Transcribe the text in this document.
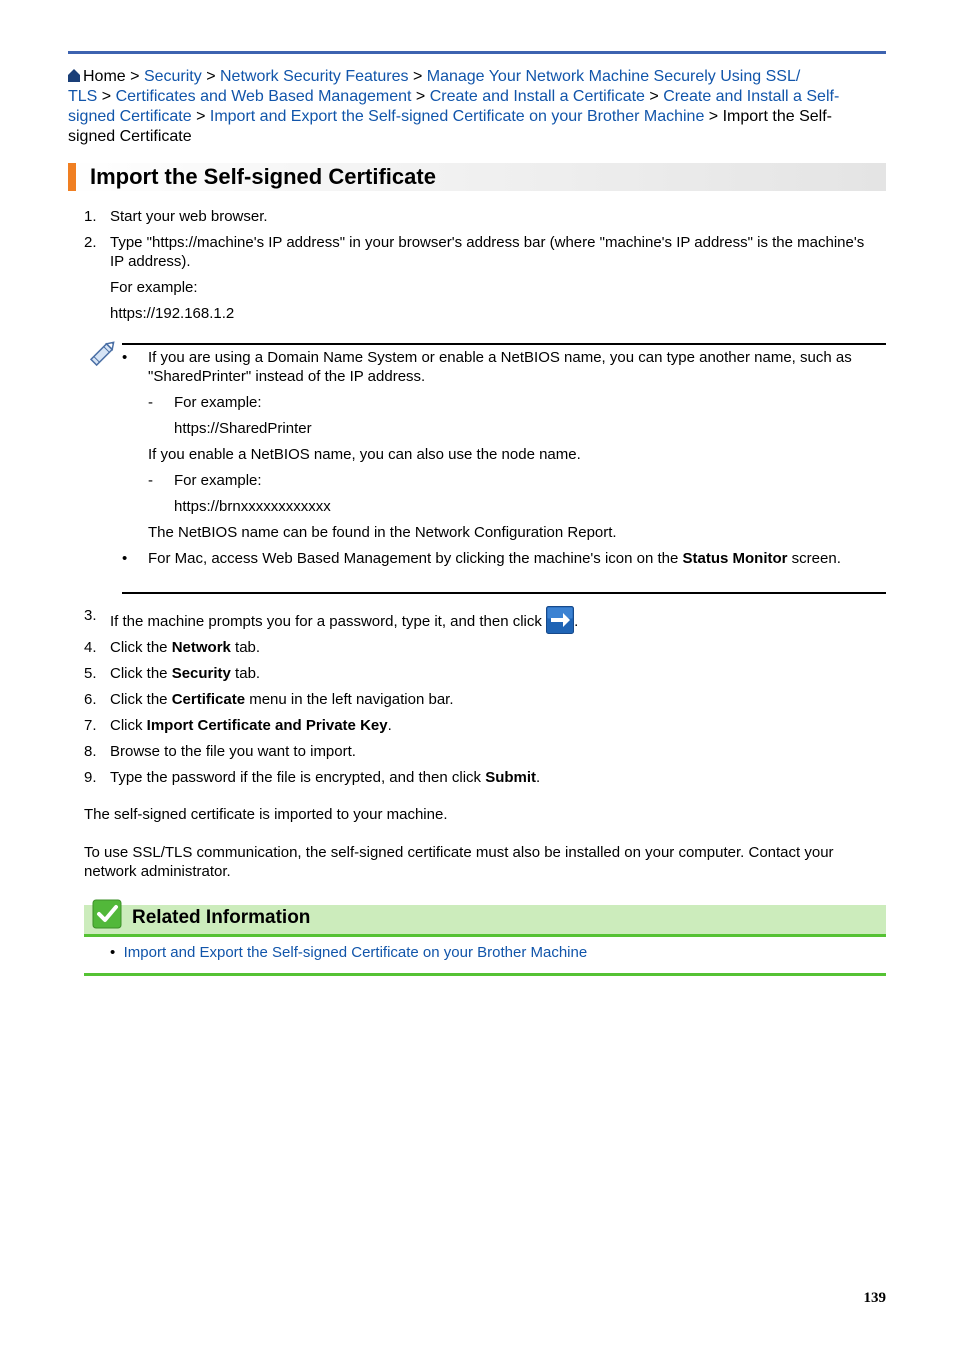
Home > Security > Network Security Features > Manage Your Network Machine Securely Using SSL/
TLS > Certificates and Web Based Management > Create and Install a Certificate > Create and Install a Self-
signed Certificate > Import and Export the Self-signed Certificate on your Brother Machine > Import the Self-
signed Certificate
Import the Self-signed Certificate
1. Start your web browser.
2. Type "https://machine's IP address" in your browser's address bar (where "machine's IP address" is the machine's IP address).
For example:
https://192.168.1.2
• If you are using a Domain Name System or enable a NetBIOS name, you can type another name, such as "SharedPrinter" instead of the IP address.
- For example:
https://SharedPrinter
If you enable a NetBIOS name, you can also use the node name.
- For example:
https://brnxxxxxxxxxxxx
The NetBIOS name can be found in the Network Configuration Report.
• For Mac, access Web Based Management by clicking the machine's icon on the Status Monitor screen.
3. If the machine prompts you for a password, type it, and then click .
4. Click the Network tab.
5. Click the Security tab.
6. Click the Certificate menu in the left navigation bar.
7. Click Import Certificate and Private Key.
8. Browse to the file you want to import.
9. Type the password if the file is encrypted, and then click Submit.
The self-signed certificate is imported to your machine.
To use SSL/TLS communication, the self-signed certificate must also be installed on your computer. Contact your network administrator.
Related Information
• Import and Export the Self-signed Certificate on your Brother Machine
139
